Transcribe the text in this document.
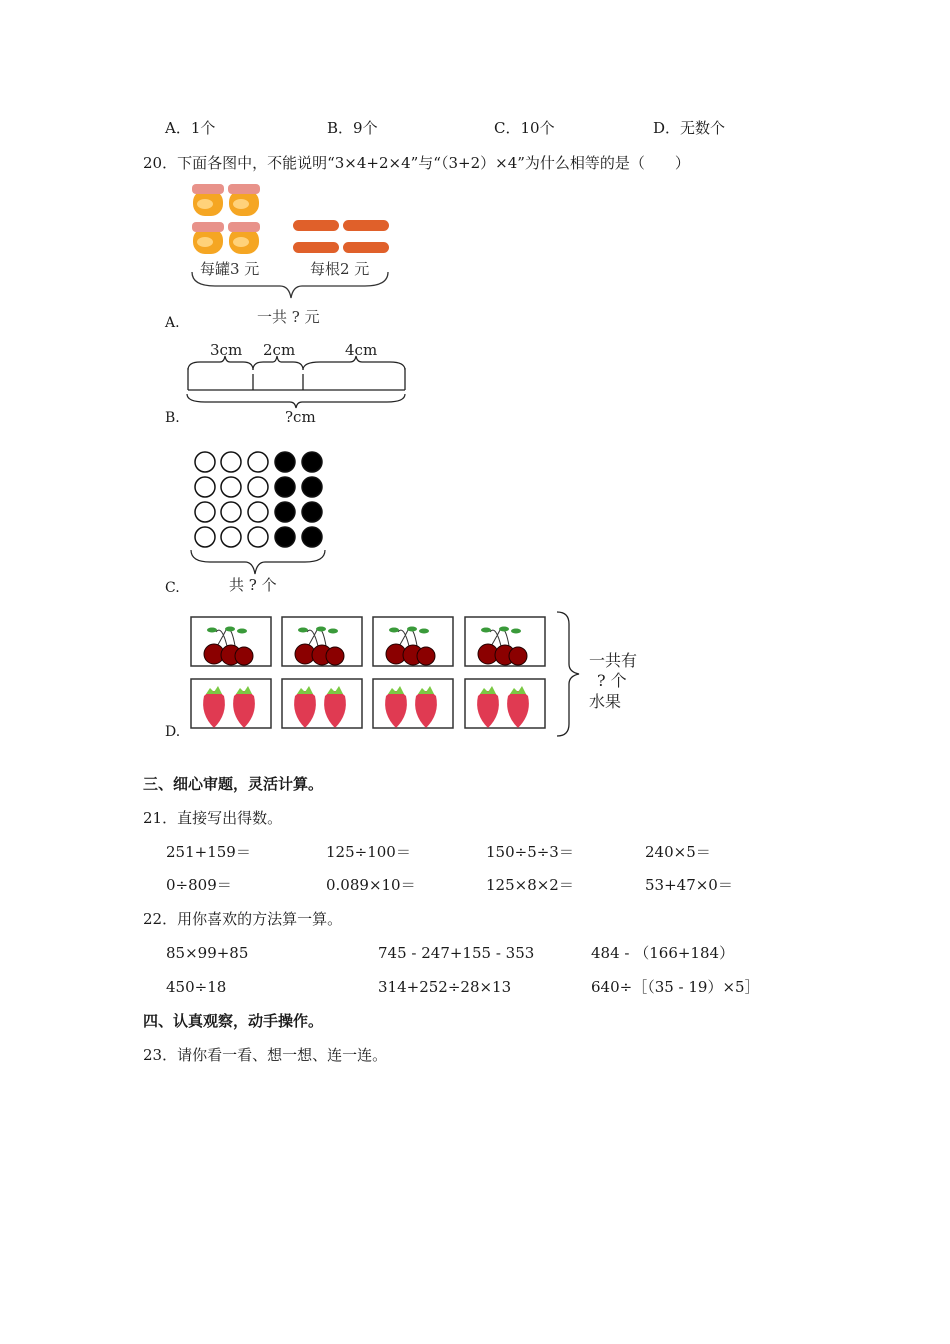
A．1个	B．9个	C．10个	D．无数个
20．下面各图中，不能说明“3×4+2×4”与“（3+2）×4”为什么相等的是（　　）
每罐3 元	每根2 元
一共 ? 元
A.
3cm 2cm	4cm
?cm
B.
共 ? 个
C.
一共有
? 个
水果
D.
三、细心审题，灵活计算。
21．直接写出得数。
251+159＝	125÷100＝	150÷5÷3＝	240×5＝
0÷809＝	0.089×10＝	125×8×2＝	53+47×0＝
22．用你喜欢的方法算一算。
85×99+85	745 - 247+155 - 353	484 - （166+184）
450÷18	314+252÷28×13	640÷［（35 - 19）×5］
四、认真观察，动手操作。
23．请你看一看、想一想、连一连。
